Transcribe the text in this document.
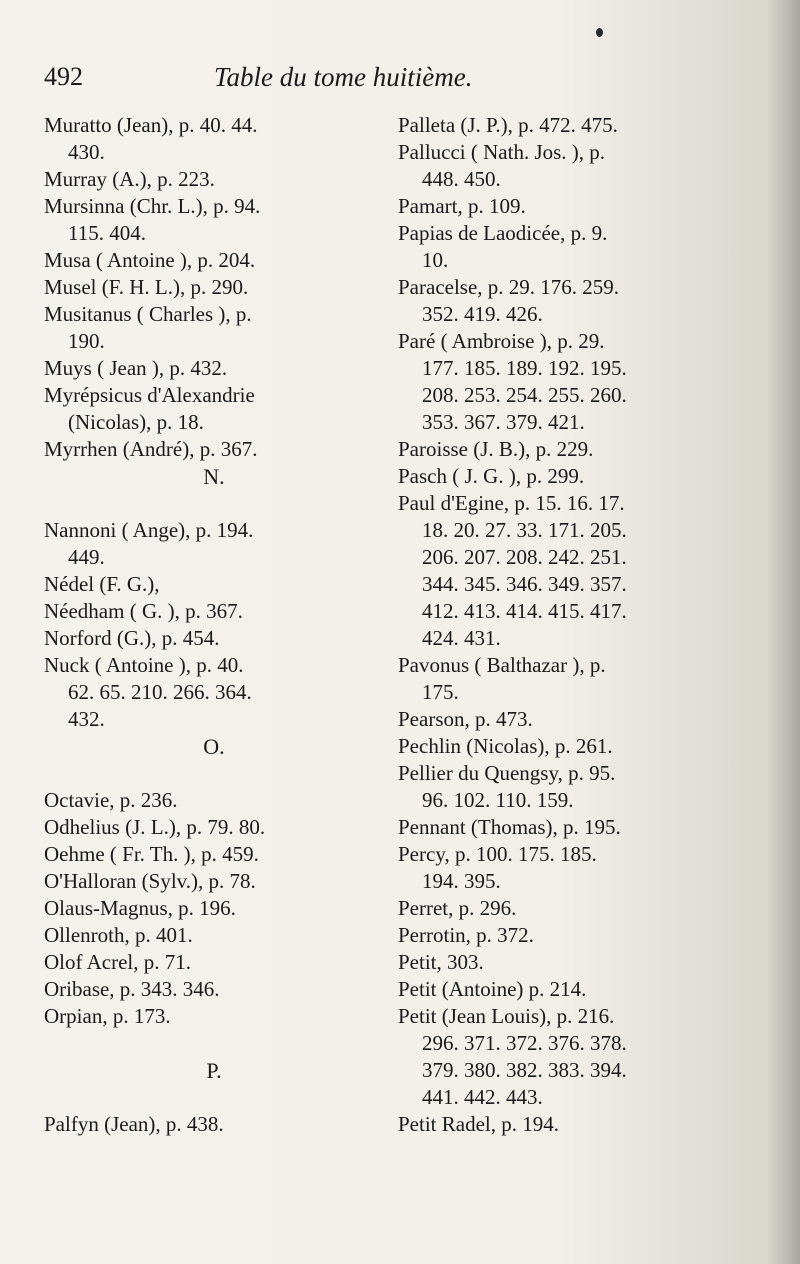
492	Table du tome huitième.
Muratto (Jean), p. 40. 44.
430.
Murray (A.), p. 223.
Mursinna (Chr. L.), p. 94.
115. 404.
Musa ( Antoine ), p. 204.
Musel (F. H. L.), p. 290.
Musitanus ( Charles ), p.
190.
Muys ( Jean ), p. 432.
Myrépsicus d'Alexandrie
(Nicolas), p. 18.
Myrrhen (André), p. 367.
N.
Nannoni ( Ange), p. 194.
449.
Nédel (F. G.),
Néedham ( G. ), p. 367.
Norford (G.), p. 454.
Nuck ( Antoine ), p. 40.
62. 65. 210. 266. 364.
432.
O.
Octavie, p. 236.
Odhelius (J. L.), p. 79. 80.
Oehme ( Fr. Th. ), p. 459.
O'Halloran (Sylv.), p. 78.
Olaus-Magnus, p. 196.
Ollenroth, p. 401.
Olof Acrel, p. 71.
Oribase, p. 343. 346.
Orpian, p. 173.
P.
Palfyn (Jean), p. 438.
Palleta (J. P.), p. 472. 475.
Pallucci ( Nath. Jos. ), p.
448. 450.
Pamart, p. 109.
Papias de Laodicée, p. 9.
10.
Paracelse, p. 29. 176. 259.
352. 419. 426.
Paré ( Ambroise ), p. 29.
177. 185. 189. 192. 195.
208. 253. 254. 255. 260.
353. 367. 379. 421.
Paroisse (J. B.), p. 229.
Pasch ( J. G. ), p. 299.
Paul d'Egine, p. 15. 16. 17.
18. 20. 27. 33. 171. 205.
206. 207. 208. 242. 251.
344. 345. 346. 349. 357.
412. 413. 414. 415. 417.
424. 431.
Pavonus ( Balthazar ), p.
175.
Pearson, p. 473.
Pechlin (Nicolas), p. 261.
Pellier du Quengsy, p. 95.
96. 102. 110. 159.
Pennant (Thomas), p. 195.
Percy, p. 100. 175. 185.
194. 395.
Perret, p. 296.
Perrotin, p. 372.
Petit, 303.
Petit (Antoine) p. 214.
Petit (Jean Louis), p. 216.
296. 371. 372. 376. 378.
379. 380. 382. 383. 394.
441. 442. 443.
Petit Radel, p. 194.
